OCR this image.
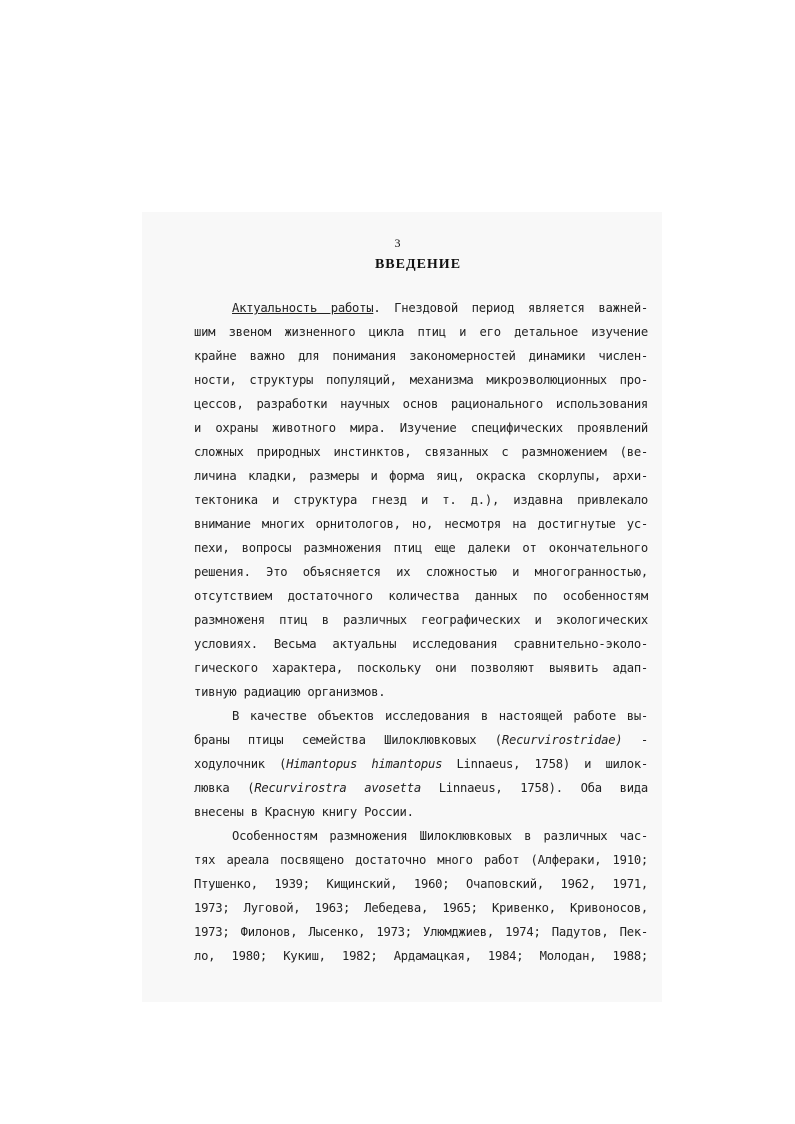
3
ВВЕДЕНИЕ
Актуальность работы. Гнездовой период является важней-
шим звеном жизненного цикла птиц и его детальное изучение
крайне важно для понимания закономерностей динамики числен-
ности, структуры популяций, механизма микроэволюционных про-
цессов, разработки научных основ рационального использования
и охраны животного мира. Изучение специфических проявлений
сложных природных инстинктов, связанных с размножением (ве-
личина кладки, размеры и форма яиц, окраска скорлупы, архи-
тектоника и структура гнезд и т. д.), издавна привлекало
внимание многих орнитологов, но, несмотря на достигнутые ус-
пехи, вопросы размножения птиц еще далеки от окончательного
решения. Это объясняется их сложностью и многогранностью,
отсутствием достаточного количества данных по особенностям
размноженя птиц в различных географических и экологических
условиях. Весьма актуальны исследования сравнительно-эколо-
гического характера, поскольку они позволяют выявить адап-
тивную радиацию организмов.
В качестве объектов исследования в настоящей работе вы-
браны птицы семейства Шилоклювковых (Recurvirostridae) -
ходулочник (Himantopus himantopus Linnaeus, 1758) и шилок-
лювка (Recurvirostra avosetta Linnaeus, 1758). Оба вида
внесены в Красную книгу России.
Особенностям размножения Шилоклювковых в различных час-
тях ареала посвящено достаточно много работ (Алфераки, 1910;
Птушенко, 1939; Кищинский, 1960; Очаповский, 1962, 1971,
1973; Луговой, 1963; Лебедева, 1965; Кривенко, Кривоносов,
1973; Филонов, Лысенко, 1973; Улюмджиев, 1974; Падутов, Пек-
ло, 1980; Кукиш, 1982; Ардамацкая, 1984; Молодан, 1988;
